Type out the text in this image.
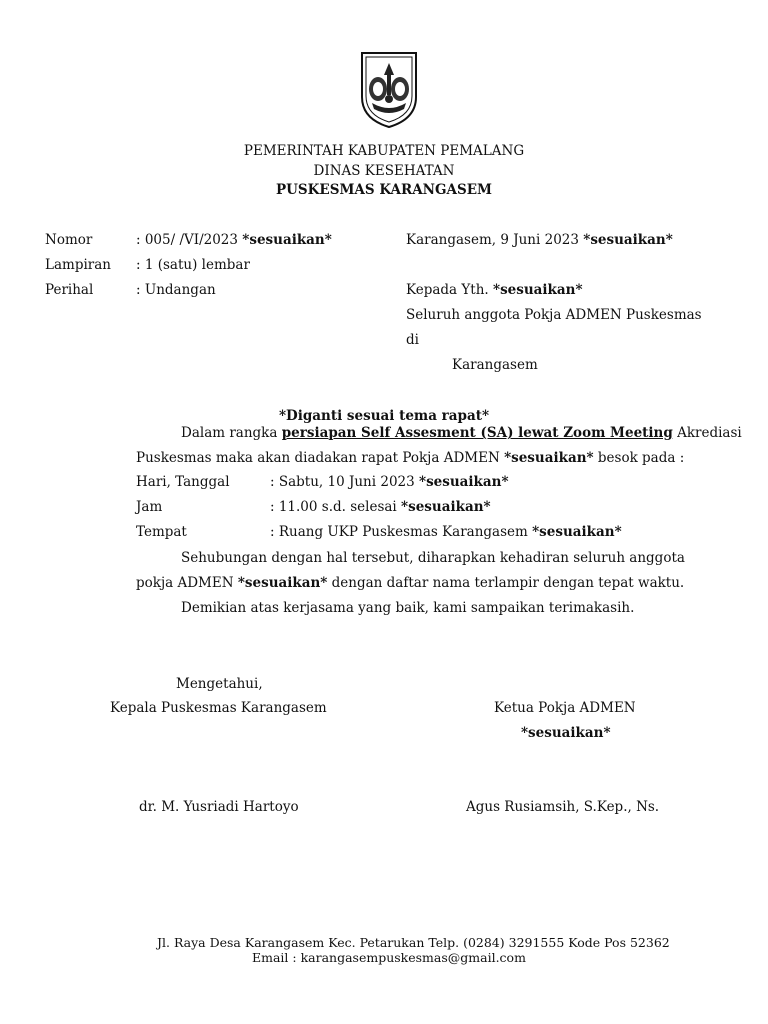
PEMERINTAH KABUPATEN PEMALANG
DINAS KESEHATAN
PUSKESMAS KARANGASEM
Nomor	: 005/ /VI/2023 *sesuaikan*
Lampiran : 1 (satu) lembar
Perihal	: Undangan
Karangasem, 9 Juni 2023 *sesuaikan*
Kepada Yth. *sesuaikan*
Seluruh anggota Pokja ADMEN Puskesmas
di
Karangasem
*Diganti sesuai tema rapat*
Dalam rangka persiapan Self Assesment (SA) lewat Zoom Meeting Akrediasi
Puskesmas maka akan diadakan rapat Pokja ADMEN *sesuaikan* besok pada :
Hari, Tanggal	: Sabtu, 10 Juni 2023 *sesuaikan*
Jam	: 11.00 s.d. selesai *sesuaikan*
Tempat	: Ruang UKP Puskesmas Karangasem *sesuaikan*
Sehubungan dengan hal tersebut, diharapkan kehadiran seluruh anggota
pokja ADMEN *sesuaikan* dengan daftar nama terlampir dengan tepat waktu.
Demikian atas kerjasama yang baik, kami sampaikan terimakasih.
Mengetahui,
Kepala Puskesmas Karangasem
dr. M. Yusriadi Hartoyo
Ketua Pokja ADMEN
*sesuaikan*
Agus Rusiamsih, S.Kep., Ns.
Jl. Raya Desa Karangasem Kec. Petarukan Telp. (0284) 3291555 Kode Pos 52362
Email : karangasempuskesmas@gmail.com
